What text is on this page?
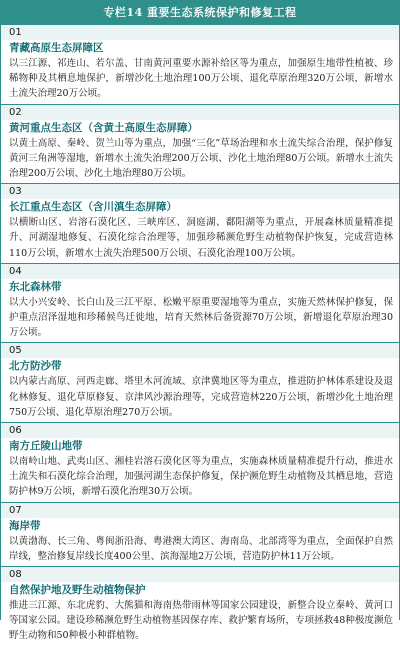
专栏14 重要生态系统保护和修复工程
01
青藏高原生态屏障区
以三江源、祁连山、若尔盖、甘南黄河重要水源补给区等为重点，加强原生地带性植被、珍稀物种及其栖息地保护，新增沙化土地治理100万公顷、退化草原治理320万公顷，新增水土流失治理20万公顷。
02
黄河重点生态区（含黄土高原生态屏障）
以黄土高原、秦岭、贺兰山等为重点，加强“三化”草场治理和水土流失综合治理，保护修复黄河三角洲等湿地，新增水土流失治理200万公顷、沙化土地治理80万公顷。新增水土流失治理200万公顷、沙化土地治理80万公顷。
03
长江重点生态区（含川滇生态屏障）
以横断山区、岩溶石漠化区、三峡库区、洞庭湖、鄱阳湖等为重点，开展森林质量精准提升、河湖湿地修复、石漠化综合治理等，加强珍稀濒危野生动植物保护恢复，完成营造林110万公顷，新增水土流失治理500万公顷、石漠化治理100万公顷。
04
东北森林带
以大小兴安岭、长白山及三江平原、松嫩平原重要湿地等为重点，实施天然林保护修复，保护重点沼泽湿地和珍稀候鸟迁徙地，培育天然林后备资源70万公顷，新增退化草原治理30万公顷。
05
北方防沙带
以内蒙古高原、河西走廊、塔里木河流域、京津冀地区等为重点，推进防护林体系建设及退化林修复、退化草原修复、京津风沙源治理等，完成营造林220万公顷，新增沙化土地治理750万公顷、退化草原治理270万公顷。
06
南方丘陵山地带
以南岭山地、武夷山区、湘桂岩溶石漠化区等为重点，实施森林质量精准提升行动，推进水土流失和石漠化综合治理，加强河湖生态保护修复，保护濒危野生动植物及其栖息地，营造防护林9万公顷，新增石漠化治理30万公顷。
07
海岸带
以黄渤海、长三角、粤闽浙沿海、粤港澳大湾区、海南岛、北部湾等为重点，全面保护自然岸线，整治修复岸线长度400公里、滨海湿地2万公顷，营造防护林11万公顷。
08
自然保护地及野生动植物保护
推进三江源、东北虎豹、大熊猫和海南热带雨林等国家公园建设，新整合设立秦岭、黄河口等国家公园。建设珍稀濒危野生动植物基因保存库、救护繁育场所，专项拯救48种极度濒危野生动物和50种极小种群植物。
